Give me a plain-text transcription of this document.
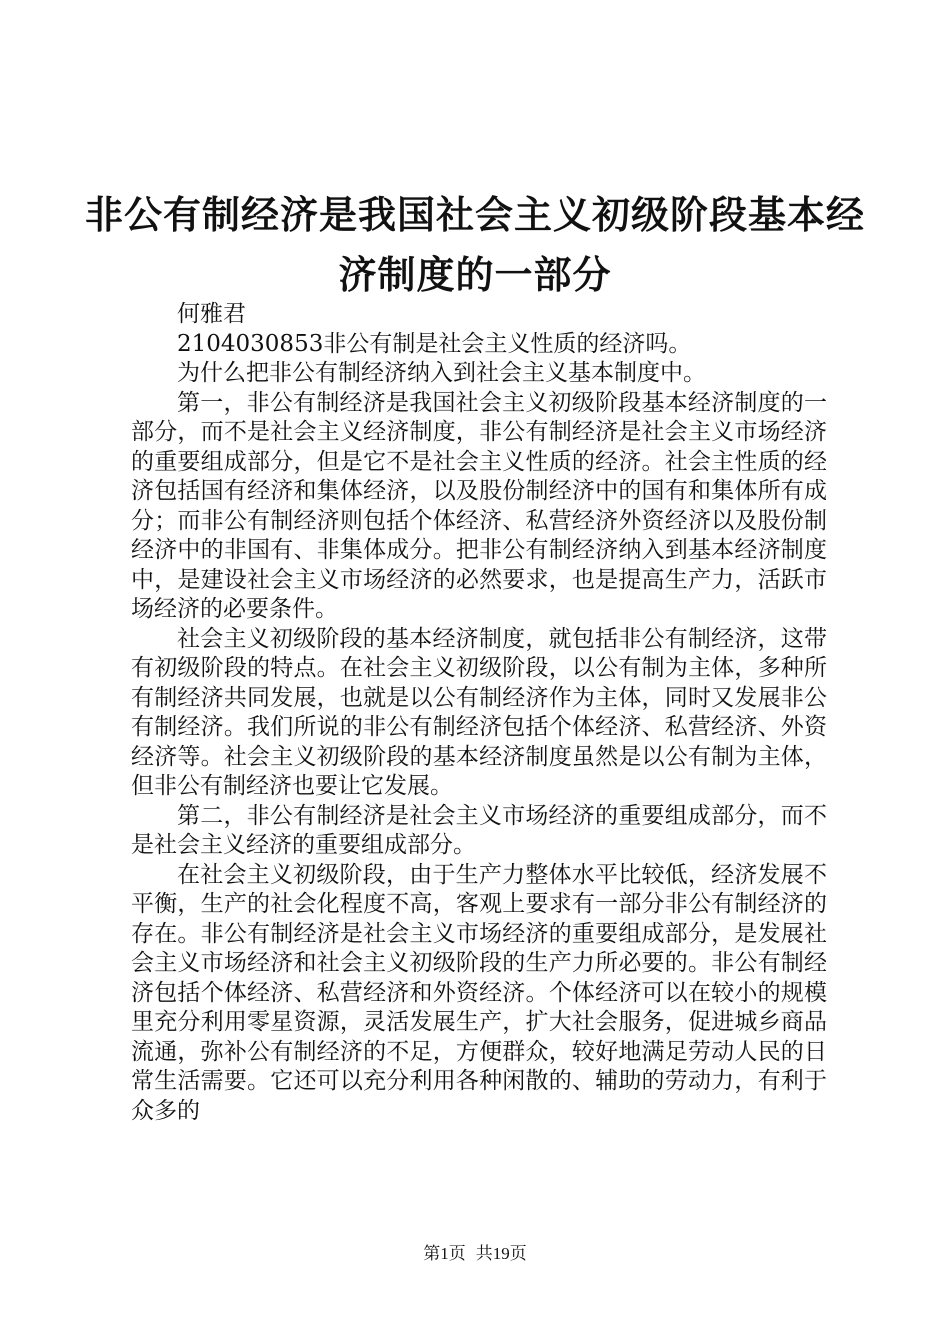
非公有制经济是我国社会主义初级阶段基本经济制度的一部分

何雅君

2104030853非公有制是社会主义性质的经济吗。

为什么把非公有制经济纳入到社会主义基本制度中。

第一，非公有制经济是我国社会主义初级阶段基本经济制度的一部分，而不是社会主义经济制度，非公有制经济是社会主义市场经济的重要组成部分，但是它不是社会主义性质的经济。社会主性质的经济包括国有经济和集体经济，以及股份制经济中的国有和集体所有成分；而非公有制经济则包括个体经济、私营经济外资经济以及股份制经济中的非国有、非集体成分。把非公有制经济纳入到基本经济制度中，是建设社会主义市场经济的必然要求，也是提高生产力，活跃市场经济的必要条件。

社会主义初级阶段的基本经济制度，就包括非公有制经济，这带有初级阶段的特点。在社会主义初级阶段，以公有制为主体，多种所有制经济共同发展，也就是以公有制经济作为主体，同时又发展非公有制经济。我们所说的非公有制经济包括个体经济、私营经济、外资经济等。社会主义初级阶段的基本经济制度虽然是以公有制为主体，但非公有制经济也要让它发展。

第二，非公有制经济是社会主义市场经济的重要组成部分，而不是社会主义经济的重要组成部分。

在社会主义初级阶段，由于生产力整体水平比较低，经济发展不平衡，生产的社会化程度不高，客观上要求有一部分非公有制经济的存在。非公有制经济是社会主义市场经济的重要组成部分，是发展社会主义市场经济和社会主义初级阶段的生产力所必要的。非公有制经济包括个体经济、私营经济和外资经济。个体经济可以在较小的规模里充分利用零星资源，灵活发展生产，扩大社会服务，促进城乡商品流通，弥补公有制经济的不足，方便群众，较好地满足劳动人民的日常生活需要。它还可以充分利用各种闲散的、辅助的劳动力，有利于众多的

第1页 共19页
